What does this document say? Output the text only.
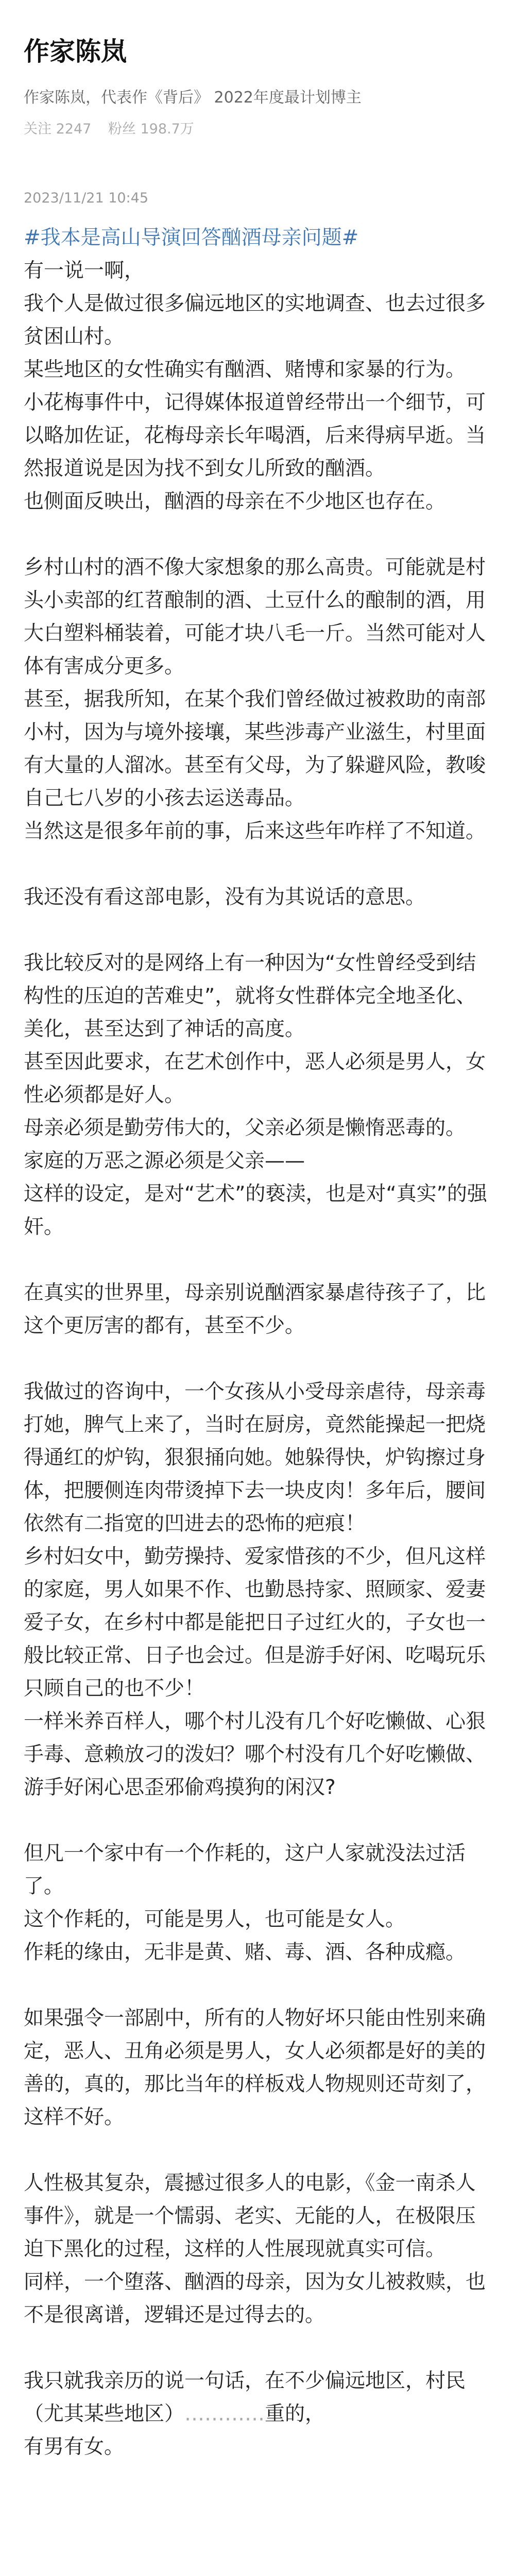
作家陈岚
作家陈岚，代表作《背后》 2022年度最计划博主
关注 2247 粉丝 198.7万
2023/11/21 10:45

#我本是高山导演回答酗酒母亲问题#

有一说一啊，

我个人是做过很多偏远地区的实地调查、也去过很多贫困山村。

某些地区的女性确实有酗酒、赌博和家暴的行为。

小花梅事件中，记得媒体报道曾经带出一个细节，可以略加佐证，花梅母亲长年喝酒，后来得病早逝。当然报道说是因为找不到女儿所致的酗酒。

也侧面反映出，酗酒的母亲在不少地区也存在。

乡村山村的酒不像大家想象的那么高贵。可能就是村头小卖部的红苕酿制的酒、土豆什么的酿制的酒，用大白塑料桶装着，可能才块八毛一斤。当然可能对人体有害成分更多。

甚至，据我所知，在某个我们曾经做过被救助的南部小村，因为与境外接壤，某些涉毒产业滋生，村里面有大量的人溜冰。甚至有父母，为了躲避风险，教唆自己七八岁的小孩去运送毒品。

当然这是很多年前的事，后来这些年咋样了不知道。

我还没有看这部电影，没有为其说话的意思。

我比较反对的是网络上有一种因为“女性曾经受到结构性的压迫的苦难史”，就将女性群体完全地圣化、美化，甚至达到了神话的高度。

甚至因此要求，在艺术创作中，恶人必须是男人，女性必须都是好人。

母亲必须是勤劳伟大的，父亲必须是懒惰恶毒的。

家庭的万恶之源必须是父亲——

这样的设定，是对“艺术”的亵渎，也是对“真实”的强奸。

在真实的世界里，母亲别说酗酒家暴虐待孩子了，比这个更厉害的都有，甚至不少。

我做过的咨询中，一个女孩从小受母亲虐待，母亲毒打她，脾气上来了，当时在厨房，竟然能操起一把烧得通红的炉钩，狠狠捅向她。她躲得快，炉钩擦过身体，把腰侧连肉带烫掉下去一块皮肉！多年后，腰间依然有二指宽的凹进去的恐怖的疤痕！

乡村妇女中，勤劳操持、爱家惜孩的不少，但凡这样的家庭，男人如果不作、也勤恳持家、照顾家、爱妻爱子女，在乡村中都是能把日子过红火的，子女也一般比较正常、日子也会过。但是游手好闲、吃喝玩乐只顾自己的也不少！

一样米养百样人，哪个村儿没有几个好吃懒做、心狠手毒、意赖放刁的泼妇？哪个村没有几个好吃懒做、游手好闲心思歪邪偷鸡摸狗的闲汉?

但凡一个家中有一个作耗的，这户人家就没法过活了。

这个作耗的，可能是男人，也可能是女人。

作耗的缘由，无非是黄、赌、毒、酒、各种成瘾。

如果强令一部剧中，所有的人物好坏只能由性别来确定，恶人、丑角必须是男人，女人必须都是好的美的善的，真的，那比当年的样板戏人物规则还苛刻了，这样不好。

人性极其复杂，震撼过很多人的电影，《金一南杀人事件》，就是一个懦弱、老实、无能的人，在极限压迫下黑化的过程，这样的人性展现就真实可信。

同样，一个堕落、酗酒的母亲，因为女儿被救赎，也不是很离谱，逻辑还是过得去的。

我只就我亲历的说一句话，在不少偏远地区，村民（尤其某些地区）…………重的，

有男有女。
